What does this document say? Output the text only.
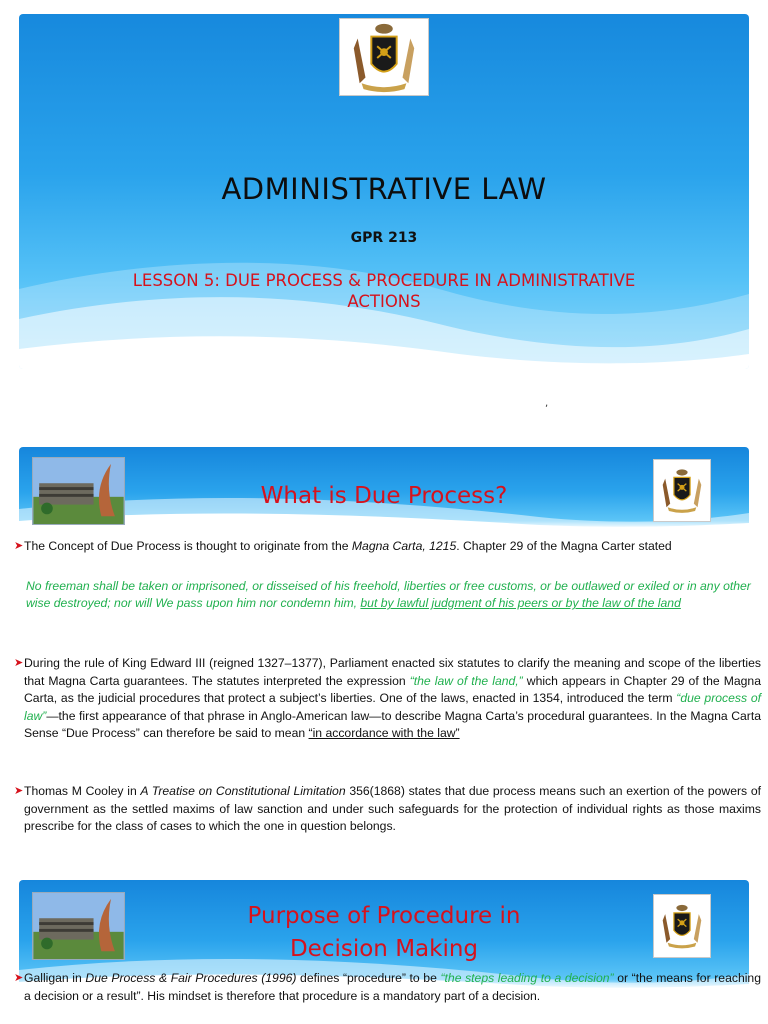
ADMINISTRATIVE LAW
GPR 213
LESSON 5: DUE PROCESS & PROCEDURE IN ADMINISTRATIVE ACTIONS
,
What is Due Process?
➤ The Concept of Due Process is thought to originate from the Magna Carta, 1215. Chapter 29 of the Magna Carter stated
No freeman shall be taken or imprisoned, or disseised of his freehold, liberties or free customs, or be outlawed or exiled or in any other wise destroyed; nor will We pass upon him nor condemn him, but by lawful judgment of his peers or by the law of the land
➤ During the rule of King Edward III (reigned 1327–1377), Parliament enacted six statutes to clarify the meaning and scope of the liberties that Magna Carta guarantees. The statutes interpreted the expression “the law of the land,” which appears in Chapter 29 of the Magna Carta, as the judicial procedures that protect a subject’s liberties. One of the laws, enacted in 1354, introduced the term “due process of law”—the first appearance of that phrase in Anglo-American law—to describe Magna Carta’s procedural guarantees. In the Magna Carta Sense “Due Process” can therefore be said to mean “in accordance with the law”
➤ Thomas M Cooley in A Treatise on Constitutional Limitation 356(1868) states that due process means such an exertion of the powers of government as the settled maxims of law sanction and under such safeguards for the protection of individual rights as those maxims prescribe for the class of cases to which the one in question belongs.
Purpose of Procedure in
Decision Making
➤ Galligan in Due Process & Fair Procedures (1996) defines “procedure” to be “the steps leading to a decision” or “the means for reaching a decision or a result”. His mindset is therefore that procedure is a mandatory part of a decision.
